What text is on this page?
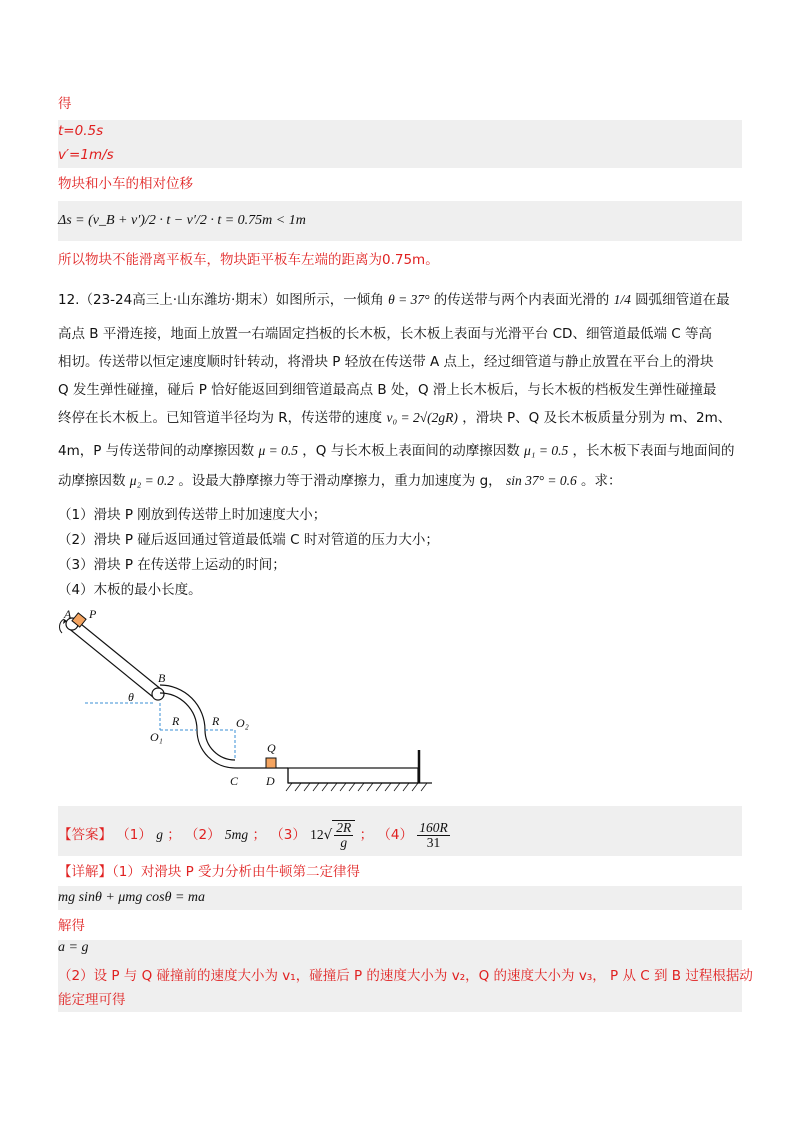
得
t=0.5s
v′=1m/s
物块和小车的相对位移
Δs = (v_B + v′)/2 · t − v′/2 · t = 0.75m < 1m
所以物块不能滑离平板车，物块距平板车左端的距离为0.75m。
12.（23-24高三上·山东潍坊·期末）如图所示，一倾角 θ = 37° 的传送带与两个内表面光滑的 1/4 圆弧细管道在最
高点 B 平滑连接，地面上放置一右端固定挡板的长木板，长木板上表面与光滑平台 CD、细管道最低端 C 等高
相切。传送带以恒定速度顺时针转动，将滑块 P 轻放在传送带 A 点上，经过细管道与静止放置在平台上的滑块
Q 发生弹性碰撞，碰后 P 恰好能返回到细管道最高点 B 处，Q 滑上长木板后，与长木板的档板发生弹性碰撞最
终停在长木板上。已知管道半径均为 R，传送带的速度 v₀ = 2√(2gR) ，滑块 P、Q 及长木板质量分别为 m、2m、
4m，P 与传送带间的动摩擦因数 μ = 0.5 ，Q 与长木板上表面间的动摩擦因数 μ₁ = 0.5 ，长木板下表面与地面间的
动摩擦因数 μ₂ = 0.2 。设最大静摩擦力等于滑动摩擦力，重力加速度为 g， sin 37° = 0.6 。求：
（1）滑块 P 刚放到传送带上时加速度大小；
（2）滑块 P 碰后返回通过管道最低端 C 时对管道的压力大小；
（3）滑块 P 在传送带上运动的时间；
（4）木板的最小长度。
A P
B
θ
R	R
O₁
O₂
Q
C D
【答案】 （1） g ； （2） 5mg ； （3） $12√ \frac{2R}{g}$ ； $(4) \frac{160R}{31}$
【详解】（1）对滑块 P 受力分析由牛顿第二定律得
mg sinθ + μmg cosθ = ma
解得
a = g
（2）设 P 与 Q 碰撞前的速度大小为 v₁，碰撞后 P 的速度大小为 v₂，Q 的速度大小为 v₃， P 从 C 到 B 过程根据动
能定理可得
